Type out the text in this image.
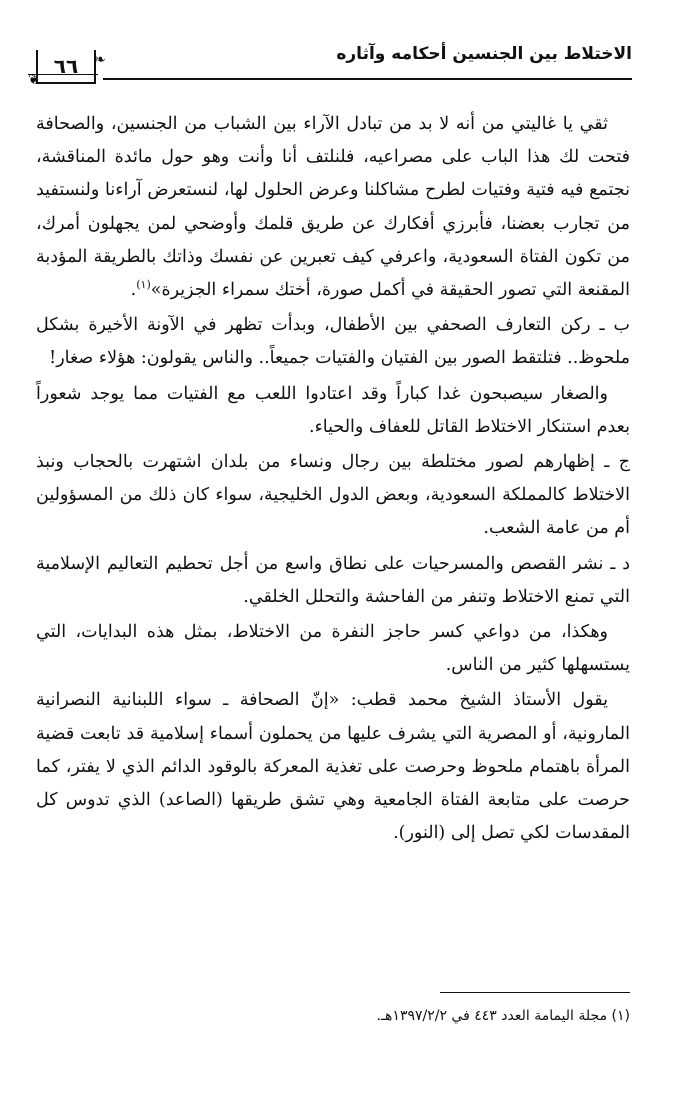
الاختلاط بين الجنسين أحكامه وآثاره
٦٦
❦
❧

ثقي يا غاليتي من أنه لا بد من تبادل الآراء بين الشباب من الجنسين، والصحافة فتحت لك هذا الباب على مصراعيه، فلنلتف أنا وأنت وهو حول مائدة المناقشة، نجتمع فيه فتية وفتيات لطرح مشاكلنا وعرض الحلول لها، لنستعرض آراءنا ولنستفيد من تجارب بعضنا، فأبرزي أفكارك عن طريق قلمك وأوضحي لمن يجهلون أمرك، من تكون الفتاة السعودية، واعرفي كيف تعبرين عن نفسك وذاتك بالطريقة المؤدبة المقنعة التي تصور الحقيقة في أكمل صورة، أختك سمراء الجزيرة»$^{(١)}$.

ب ـ ركن التعارف الصحفي بين الأطفال، وبدأت تظهر في الآونة الأخيرة بشكل ملحوظ.. فتلتقط الصور بين الفتيان والفتيات جميعاً.. والناس يقولون: هؤلاء صغار!

والصغار سيصبحون غدا كباراً وقد اعتادوا اللعب مع الفتيات مما يوجد شعوراً بعدم استنكار الاختلاط القاتل للعفاف والحياء.

ج ـ إظهارهم لصور مختلطة بين رجال ونساء من بلدان اشتهرت بالحجاب ونبذ الاختلاط كالمملكة السعودية، وبعض الدول الخليجية، سواء كان ذلك من المسؤولين أم من عامة الشعب.

د ـ نشر القصص والمسرحيات على نطاق واسع من أجل تحطيم التعاليم الإسلامية التي تمنع الاختلاط وتنفر من الفاحشة والتحلل الخلقي.

وهكذا، من دواعي كسر حاجز النفرة من الاختلاط، بمثل هذه البدايات، التي يستسهلها كثير من الناس.

يقول الأستاذ الشيخ محمد قطب: «إنّ الصحافة ـ سواء اللبنانية النصرانية المارونية، أو المصرية التي يشرف عليها من يحملون أسماء إسلامية قد تابعت قضية المرأة باهتمام ملحوظ وحرصت على تغذية المعركة بالوقود الدائم الذي لا يفتر، كما حرصت على متابعة الفتاة الجامعية وهي تشق طريقها (الصاعد) الذي تدوس كل المقدسات لكي تصل إلى (النور).

(١) مجلة اليمامة العدد ٤٤٣ في ١٣٩٧/٢/٢هـ.
